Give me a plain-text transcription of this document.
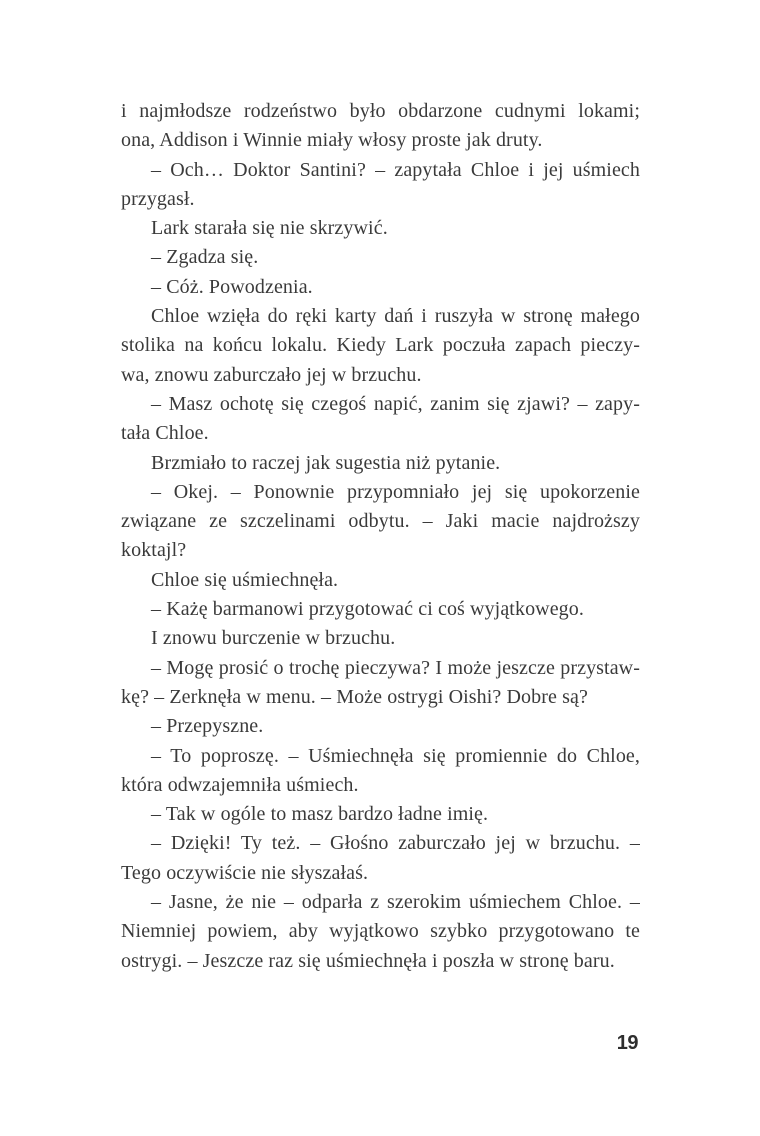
i najmłodsze rodzeństwo było obdarzone cudnymi lokami;
ona, Addison i Winnie miały włosy proste jak druty.
– Och… Doktor Santini? – zapytała Chloe i jej uśmiech
przygasł.
Lark starała się nie skrzywić.
– Zgadza się.
– Cóż. Powodzenia.
Chloe wzięła do ręki karty dań i ruszyła w stronę małego
stolika na końcu lokalu. Kiedy Lark poczuła zapach pieczy-
wa, znowu zaburczało jej w brzuchu.
– Masz ochotę się czegoś napić, zanim się zjawi? – zapy-
tała Chloe.
Brzmiało to raczej jak sugestia niż pytanie.
– Okej. – Ponownie przypomniało jej się upokorzenie
związane ze szczelinami odbytu. – Jaki macie najdroższy
koktajl?
Chloe się uśmiechnęła.
– Każę barmanowi przygotować ci coś wyjątkowego.
I znowu burczenie w brzuchu.
– Mogę prosić o trochę pieczywa? I może jeszcze przystaw-
kę? – Zerknęła w menu. – Może ostrygi Oishi? Dobre są?
– Przepyszne.
– To poproszę. – Uśmiechnęła się promiennie do Chloe,
która odwzajemniła uśmiech.
– Tak w ogóle to masz bardzo ładne imię.
– Dzięki! Ty też. – Głośno zaburczało jej w brzuchu. –
Tego oczywiście nie słyszałaś.
– Jasne, że nie – odparła z szerokim uśmiechem Chloe. –
Niemniej powiem, aby wyjątkowo szybko przygotowano te
ostrygi. – Jeszcze raz się uśmiechnęła i poszła w stronę baru.
19
